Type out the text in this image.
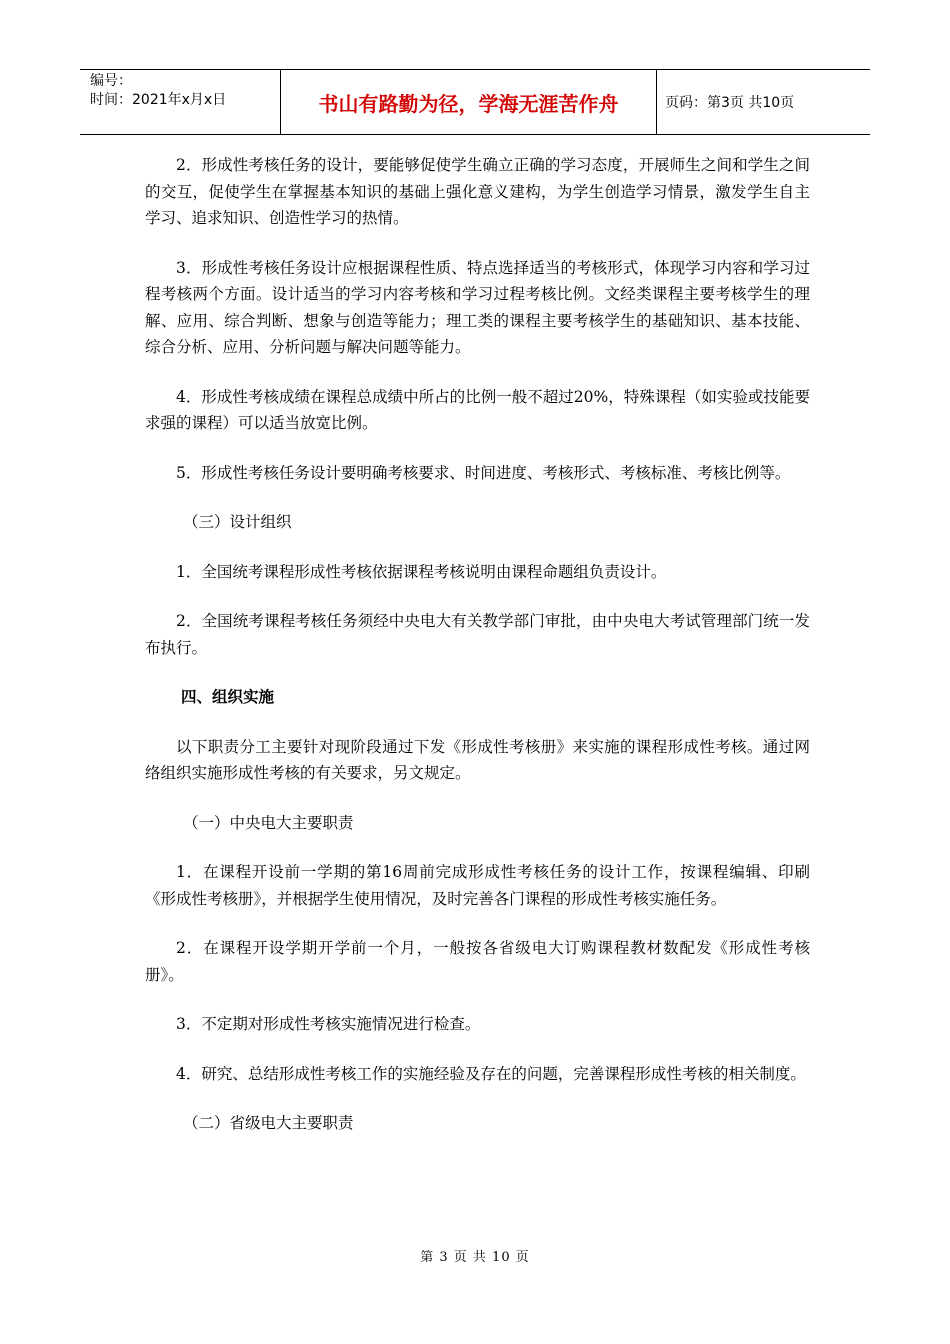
编号：
时间：2021年x月x日	书山有路勤为径，学海无涯苦作舟	页码：第3页 共10页

2．形成性考核任务的设计，要能够促使学生确立正确的学习态度，开展师生之间和学生之间的交互，促使学生在掌握基本知识的基础上强化意义建构，为学生创造学习情景，激发学生自主学习、追求知识、创造性学习的热情。

3．形成性考核任务设计应根据课程性质、特点选择适当的考核形式，体现学习内容和学习过程考核两个方面。设计适当的学习内容考核和学习过程考核比例。文经类课程主要考核学生的理解、应用、综合判断、想象与创造等能力；理工类的课程主要考核学生的基础知识、基本技能、综合分析、应用、分析问题与解决问题等能力。

4．形成性考核成绩在课程总成绩中所占的比例一般不超过20%，特殊课程（如实验或技能要求强的课程）可以适当放宽比例。

5．形成性考核任务设计要明确考核要求、时间进度、考核形式、考核标准、考核比例等。

（三）设计组织

1．全国统考课程形成性考核依据课程考核说明由课程命题组负责设计。

2．全国统考课程考核任务须经中央电大有关教学部门审批，由中央电大考试管理部门统一发布执行。

四、组织实施

以下职责分工主要针对现阶段通过下发《形成性考核册》来实施的课程形成性考核。通过网络组织实施形成性考核的有关要求，另文规定。

（一）中央电大主要职责

1．在课程开设前一学期的第16周前完成形成性考核任务的设计工作，按课程编辑、印刷《形成性考核册》，并根据学生使用情况，及时完善各门课程的形成性考核实施任务。

2．在课程开设学期开学前一个月，一般按各省级电大订购课程教材数配发《形成性考核册》。

3．不定期对形成性考核实施情况进行检查。

4．研究、总结形成性考核工作的实施经验及存在的问题，完善课程形成性考核的相关制度。

（二）省级电大主要职责

第 3 页 共 10 页
